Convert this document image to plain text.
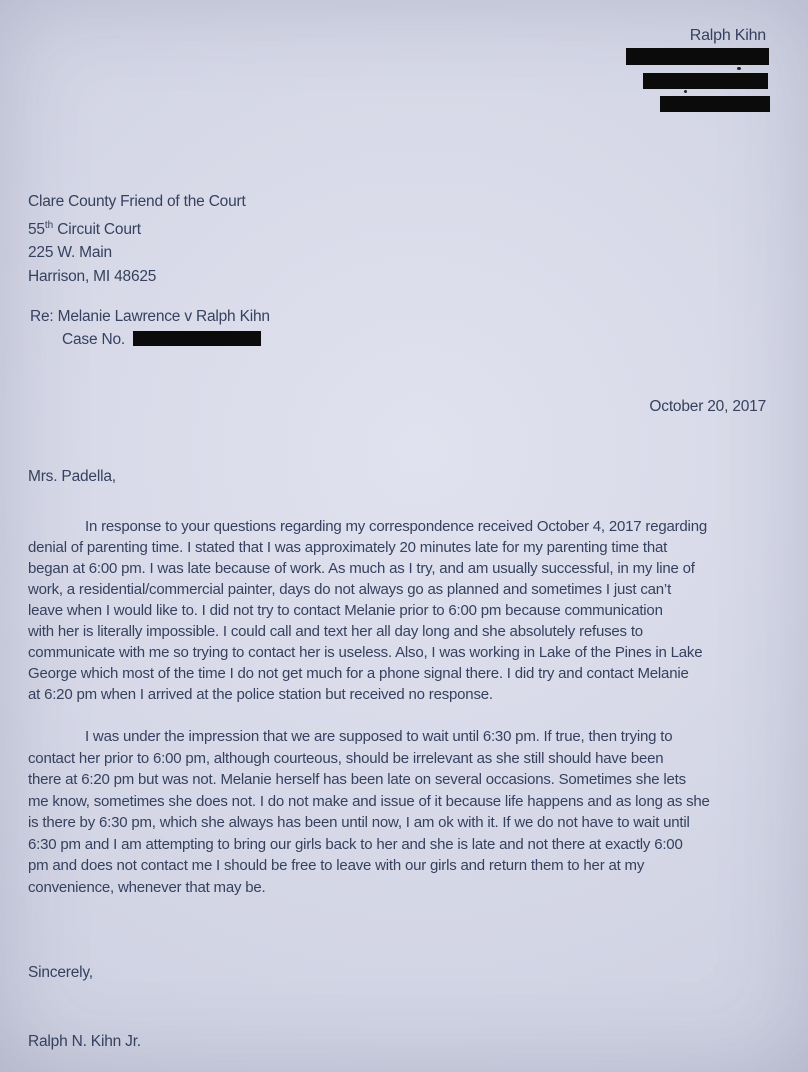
Ralph Kihn
Clare County Friend of the Court
55th Circuit Court
225 W. Main
Harrison, MI 48625
Re: Melanie Lawrence v Ralph Kihn
Case No.
October 20, 2017
Mrs. Padella,
In response to your questions regarding my correspondence received October 4, 2017 regarding
denial of parenting time. I stated that I was approximately 20 minutes late for my parenting time that
began at 6:00 pm. I was late because of work. As much as I try, and am usually successful, in my line of
work, a residential/commercial painter, days do not always go as planned and sometimes I just can’t
leave when I would like to. I did not try to contact Melanie prior to 6:00 pm because communication
with her is literally impossible. I could call and text her all day long and she absolutely refuses to
communicate with me so trying to contact her is useless. Also, I was working in Lake of the Pines in Lake
George which most of the time I do not get much for a phone signal there. I did try and contact Melanie
at 6:20 pm when I arrived at the police station but received no response.
I was under the impression that we are supposed to wait until 6:30 pm. If true, then trying to
contact her prior to 6:00 pm, although courteous, should be irrelevant as she still should have been
there at 6:20 pm but was not. Melanie herself has been late on several occasions. Sometimes she lets
me know, sometimes she does not. I do not make and issue of it because life happens and as long as she
is there by 6:30 pm, which she always has been until now, I am ok with it. If we do not have to wait until
6:30 pm and I am attempting to bring our girls back to her and she is late and not there at exactly 6:00
pm and does not contact me I should be free to leave with our girls and return them to her at my
convenience, whenever that may be.
Sincerely,
Ralph N. Kihn Jr.
